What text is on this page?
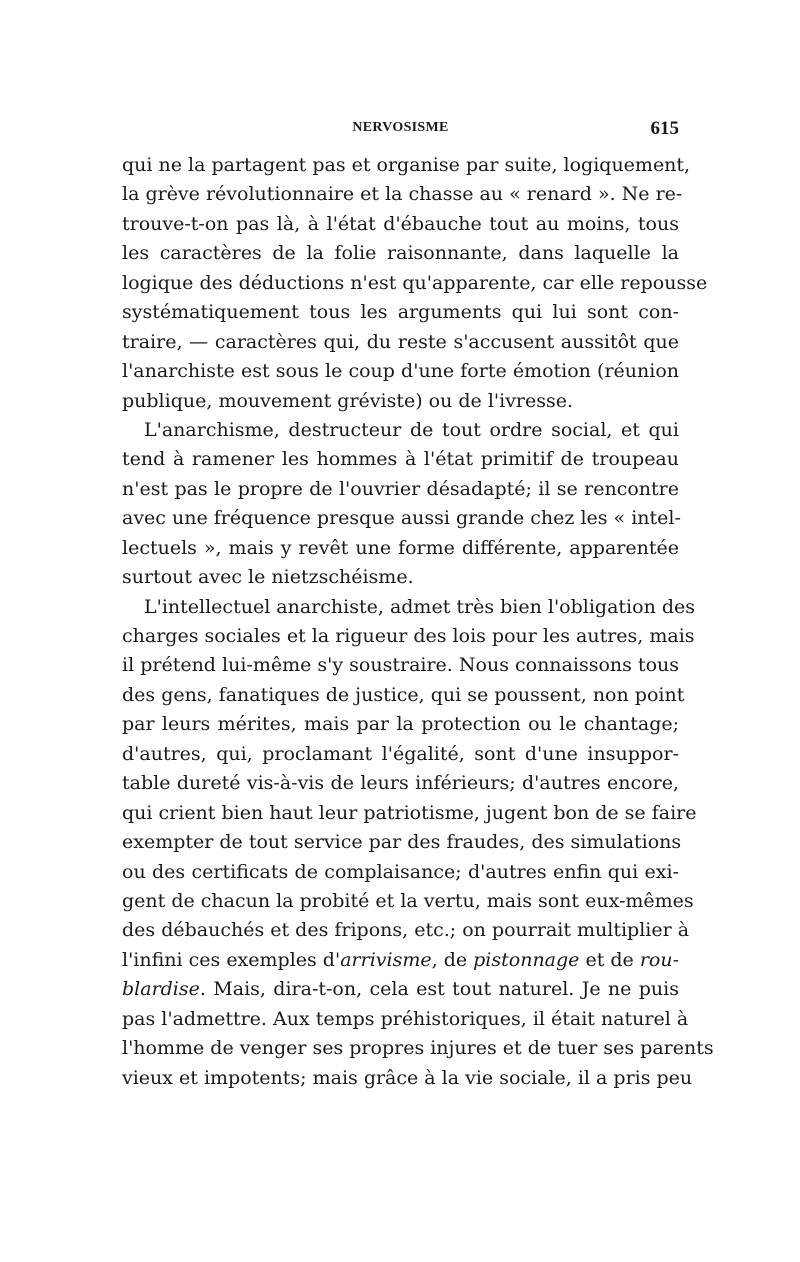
NERVOSISME	615
qui ne la partagent pas et organise par suite, logiquement,
la grève révolutionnaire et la chasse au « renard ». Ne re-
trouve-t-on pas là, à l'état d'ébauche tout au moins, tous
les caractères de la folie raisonnante, dans laquelle la
logique des déductions n'est qu'apparente, car elle repousse
systématiquement tous les arguments qui lui sont con-
traire, — caractères qui, du reste s'accusent aussitôt que
l'anarchiste est sous le coup d'une forte émotion (réunion
publique, mouvement gréviste) ou de l'ivresse.
L'anarchisme, destructeur de tout ordre social, et qui
tend à ramener les hommes à l'état primitif de troupeau
n'est pas le propre de l'ouvrier désadapté; il se rencontre
avec une fréquence presque aussi grande chez les « intel-
lectuels », mais y revêt une forme différente, apparentée
surtout avec le nietzschéisme.
L'intellectuel anarchiste, admet très bien l'obligation des
charges sociales et la rigueur des lois pour les autres, mais
il prétend lui-même s'y soustraire. Nous connaissons tous
des gens, fanatiques de justice, qui se poussent, non point
par leurs mérites, mais par la protection ou le chantage;
d'autres, qui, proclamant l'égalité, sont d'une insuppor-
table dureté vis-à-vis de leurs inférieurs; d'autres encore,
qui crient bien haut leur patriotisme, jugent bon de se faire
exempter de tout service par des fraudes, des simulations
ou des certificats de complaisance; d'autres enfin qui exi-
gent de chacun la probité et la vertu, mais sont eux-mêmes
des débauchés et des fripons, etc.; on pourrait multiplier à
l'infini ces exemples d'arrivisme, de pistonnage et de rou-
blardise. Mais, dira-t-on, cela est tout naturel. Je ne puis
pas l'admettre. Aux temps préhistoriques, il était naturel à
l'homme de venger ses propres injures et de tuer ses parents
vieux et impotents; mais grâce à la vie sociale, il a pris peu
